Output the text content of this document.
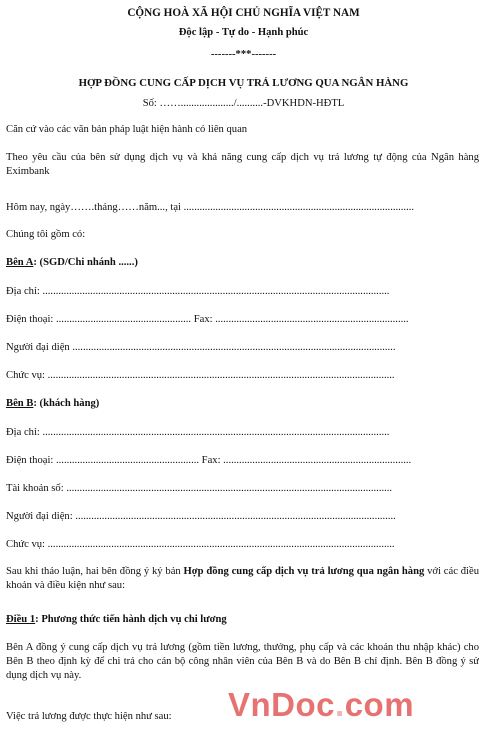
CỘNG HOÀ XÃ HỘI CHỦ NGHĨA VIỆT NAM
Độc lập - Tự do - Hạnh phúc
-------***-------
HỢP ĐỒNG CUNG CẤP DỊCH VỤ TRẢ LƯƠNG QUA NGÂN HÀNG
Số: ……..................../..........-DVKHDN-HĐTL
Căn cứ vào các văn bản pháp luật hiện hành có liên quan
Theo yêu cầu của bên sử dụng dịch vụ và khả năng cung cấp dịch vụ trả lương tự động của Ngân hàng Eximbank
Hôm nay, ngày…….tháng……năm..., tại .......................................................................................
Chúng tôi gồm có:
Bên A: (SGD/Chi nhánh ......)
Địa chỉ: ...................................................................................................................................
Điện thoại: ................................................... Fax: .........................................................................
Người đại diện ..........................................................................................................................
Chức vụ: ...................................................................................................................................
Bên B: (khách hàng)
Địa chỉ: ...................................................................................................................................
Điện thoại: ...................................................... Fax: .......................................................................
Tài khoản số: ...........................................................................................................................
Người đại diện: .........................................................................................................................
Chức vụ: ...................................................................................................................................
Sau khi thảo luận, hai bên đồng ý ký bản Hợp đồng cung cấp dịch vụ trả lương qua ngân hàng với các điều khoản và điều kiện như sau:
Điều 1: Phương thức tiến hành dịch vụ chi lương
Bên A đồng ý cung cấp dịch vụ trả lương (gồm tiền lương, thưởng, phụ cấp và các khoản thu nhập khác) cho Bên B theo định kỳ để chi trả cho cán bộ công nhân viên của Bên B và do Bên B chỉ định. Bên B đồng ý sử dụng dịch vụ này.
Việc trả lương được thực hiện như sau:	VnDoc.com
